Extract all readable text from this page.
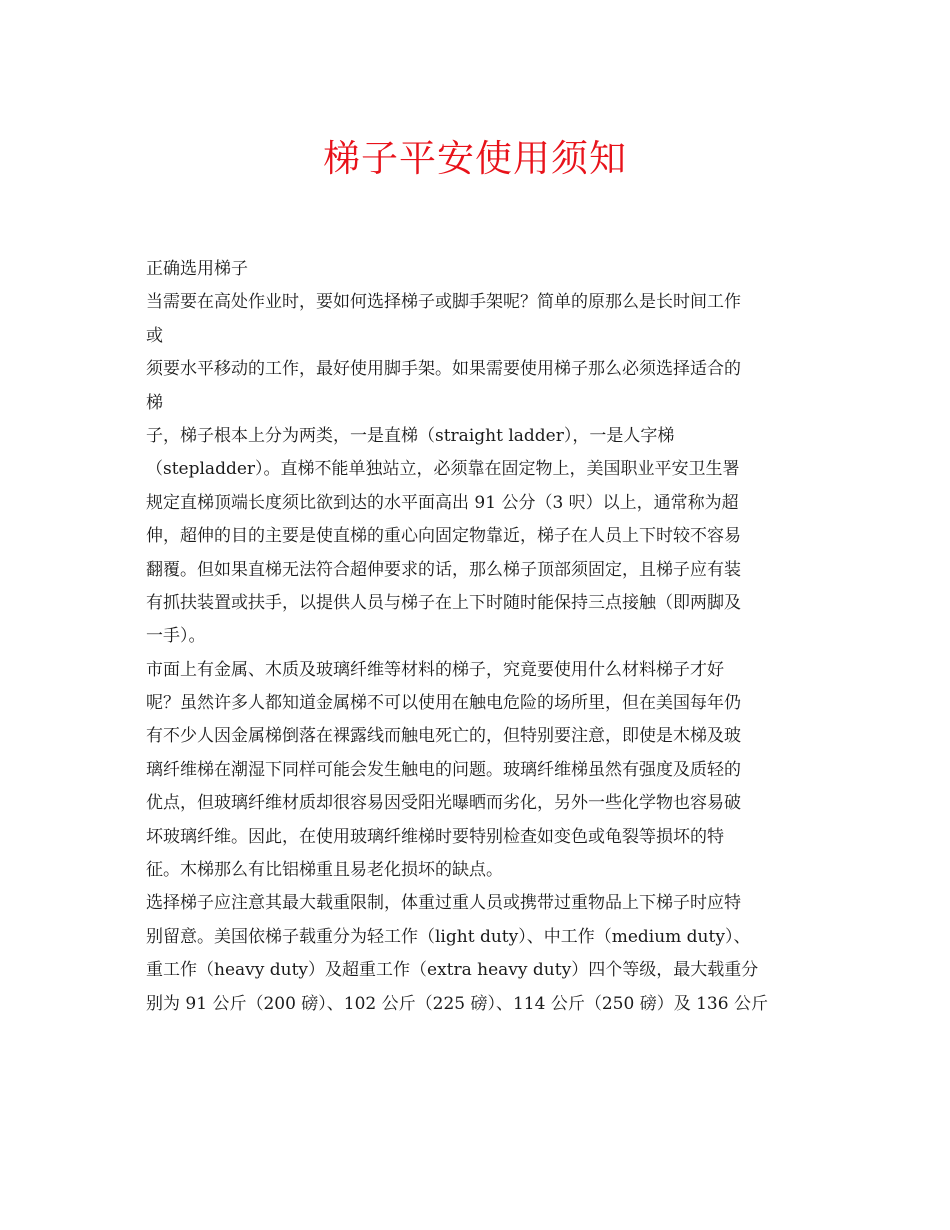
梯子平安使用须知
正确选用梯子
当需要在高处作业时，要如何选择梯子或脚手架呢？简单的原那么是长时间工作
或
须要水平移动的工作，最好使用脚手架。如果需要使用梯子那么必须选择适合的
梯
子，梯子根本上分为两类，一是直梯（straight ladder），一是人字梯
（stepladder）。直梯不能单独站立，必须靠在固定物上，美国职业平安卫生署
规定直梯顶端长度须比欲到达的水平面高出 91 公分（3 呎）以上，通常称为超
伸，超伸的目的主要是使直梯的重心向固定物靠近，梯子在人员上下时较不容易
翻覆。但如果直梯无法符合超伸要求的话，那么梯子顶部须固定，且梯子应有装
有抓扶装置或扶手，以提供人员与梯子在上下时随时能保持三点接触（即两脚及
一手）。
市面上有金属、木质及玻璃纤维等材料的梯子，究竟要使用什么材料梯子才好
呢？虽然许多人都知道金属梯不可以使用在触电危险的场所里，但在美国每年仍
有不少人因金属梯倒落在裸露线而触电死亡的，但特别要注意，即使是木梯及玻
璃纤维梯在潮湿下同样可能会发生触电的问题。玻璃纤维梯虽然有强度及质轻的
优点，但玻璃纤维材质却很容易因受阳光曝晒而劣化，另外一些化学物也容易破
坏玻璃纤维。因此，在使用玻璃纤维梯时要特别检查如变色或龟裂等损坏的特
征。木梯那么有比铝梯重且易老化损坏的缺点。
选择梯子应注意其最大载重限制，体重过重人员或携带过重物品上下梯子时应特
别留意。美国依梯子载重分为轻工作（light duty）、中工作（medium duty）、
重工作（heavy duty）及超重工作（extra heavy duty）四个等级，最大载重分
别为 91 公斤（200 磅）、102 公斤（225 磅）、114 公斤（250 磅）及 136 公斤
